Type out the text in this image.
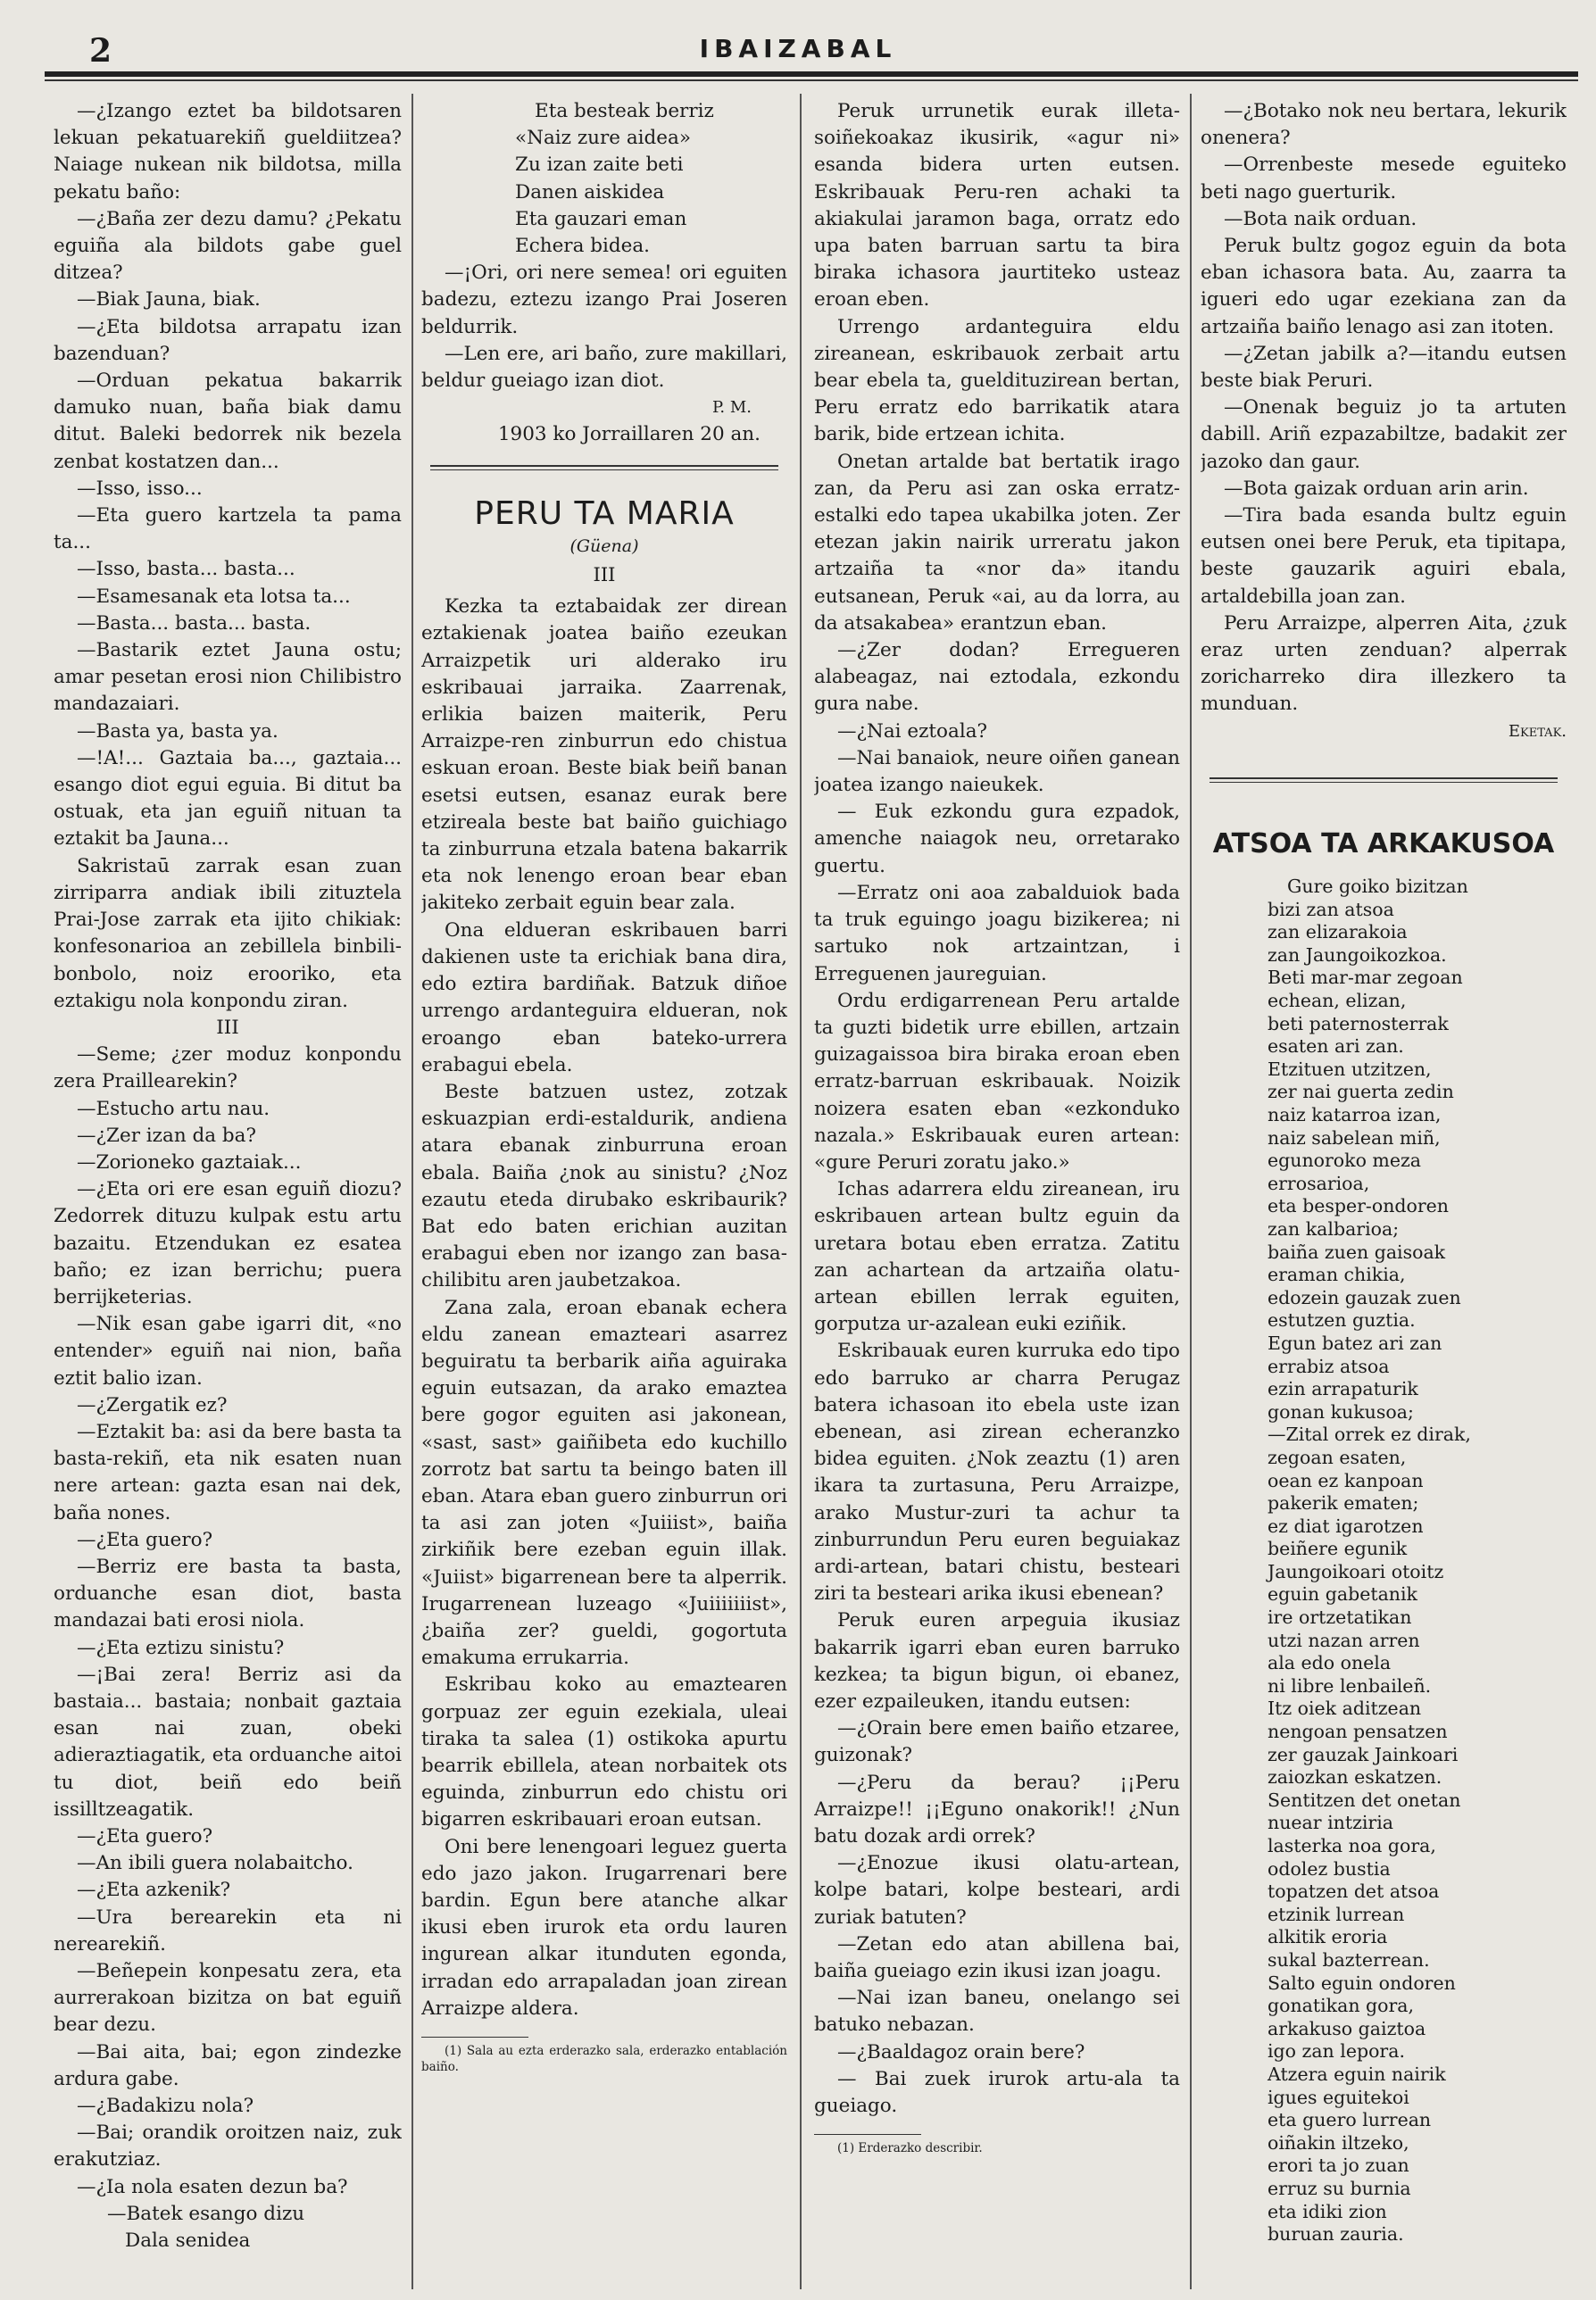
2	IBAIZABAL

—¿Izango eztet ba bildotsaren lekuan pekatuarekiñ gueldiitzea? Naiage nukean nik bildotsa, milla pekatu baño:

—¿Baña zer dezu damu? ¿Pekatu eguiña ala bildots gabe guel ditzea?

—Biak Jauna, biak.

—¿Eta bildotsa arrapatu izan bazenduan?

—Orduan pekatua bakarrik damuko nuan, baña biak damu ditut. Baleki bedorrek nik bezela zenbat kostatzen dan...

—Isso, isso...

—Eta guero kartzela ta pama ta...

—Isso, basta... basta...

—Esamesanak eta lotsa ta...

—Basta... basta... basta.

—Bastarik eztet Jauna ostu; amar pesetan erosi nion Chilibistro mandazaiari.

—Basta ya, basta ya.

—!A!... Gaztaia ba..., gaztaia... esango diot egui eguia. Bi ditut ba ostuak, eta jan eguiñ nituan ta eztakit ba Jauna...

Sakristaū zarrak esan zuan zirriparra andiak ibili zituztela Prai-Jose zarrak eta ijito chikiak: konfesonarioa an zebillela binbili-bonbolo, noiz erooriko, eta eztakigu nola konpondu ziran.

III

—Seme; ¿zer moduz konpondu zera Praillearekin?

—Estucho artu nau.

—¿Zer izan da ba?

—Zorioneko gaztaiak...

—¿Eta ori ere esan eguiñ diozu? Zedorrek dituzu kulpak estu artu bazaitu. Etzendukan ez esatea baño; ez izan berrichu; puera berrijketerias.

—Nik esan gabe igarri dit, «no entender» eguiñ nai nion, baña eztit balio izan.

—¿Zergatik ez?

—Eztakit ba: asi da bere basta ta basta-rekiñ, eta nik esaten nuan nere artean: gazta esan nai dek, baña nones.

—¿Eta guero?

—Berriz ere basta ta basta, orduanche esan diot, basta mandazai bati erosi niola.

—¿Eta eztizu sinistu?

—¡Bai zera! Berriz asi da bastaia... bastaia; nonbait gaztaia esan nai zuan, obeki adieraztiagatik, eta orduanche aitoi tu diot, beiñ edo beiñ issilltzeagatik.

—¿Eta guero?

—An ibili guera nolabaitcho.

—¿Eta azkenik?

—Ura berearekin eta ni nerearekiñ.

—Beñepein konpesatu zera, eta aurrerakoan bizitza on bat eguiñ bear dezu.

—Bai aita, bai; egon zindezke ardura gabe.

—¿Badakizu nola?

—Bai; orandik oroitzen naiz, zuk erakutziaz.

—¿Ia nola esaten dezun ba?

—Batek esango dizu

Dala senidea

Eta besteak berriz
«Naiz zure aidea»
Zu izan zaite beti
Danen aiskidea
Eta gauzari eman
Echera bidea.

—¡Ori, ori nere semea! ori eguiten badezu, eztezu izango Prai Joseren beldurrik.

—Len ere, ari baño, zure makillari, beldur gueiago izan diot.

P. M.
1903 ko Jorraillaren 20 an.
PERU TA MARIA
(Güena)
III

Kezka ta eztabaidak zer direan eztakienak joatea baiño ezeukan Arraizpetik uri alderako iru eskribauai jarraika. Zaarrenak, erlikia baizen maiterik, Peru Arraizpe-ren zinburrun edo chistua eskuan eroan. Beste biak beiñ banan esetsi eutsen, esanaz eurak bere etzireala beste bat baiño guichiago ta zinburruna etzala batena bakarrik eta nok lenengo eroan bear eban jakiteko zerbait eguin bear zala.

Ona eldueran eskribauen barri dakienen uste ta erichiak bana dira, edo eztira bardiñak. Batzuk diñoe urrengo ardanteguira eldueran, nok eroango eban bateko-urrera erabagui ebela.

Beste batzuen ustez, zotzak eskuazpian erdi-estaldurik, andiena atara ebanak zinburruna eroan ebala. Baiña ¿nok au sinistu? ¿Noz ezautu eteda dirubako eskribaurik? Bat edo baten erichian auzitan erabagui eben nor izango zan basa-chilibitu aren jaubetzakoa.

Zana zala, eroan ebanak echera eldu zanean emazteari asarrez beguiratu ta berbarik aiña aguiraka eguin eutsazan, da arako emaztea bere gogor eguiten asi jakonean, «sast, sast» gaiñibeta edo kuchillo zorrotz bat sartu ta beingo baten ill eban. Atara eban guero zinburrun ori ta asi zan joten «Juiiist», baiña zirkiñik bere ezeban eguin illak. «Juiist» bigarrenean bere ta alperrik. Irugarrenean luzeago «Juiiiiiiist», ¿baiña zer? gueldi, gogortuta emakuma errukarria.

Eskribau koko au emaztearen gorpuaz zer eguin ezekiala, uleai tiraka ta salea (1) ostikoka apurtu bearrik ebillela, atean norbaitek ots eguinda, zinburrun edo chistu ori bigarren eskribauari eroan eutsan.

Oni bere lenengoari leguez guerta edo jazo jakon. Irugarrenari bere bardin. Egun bere atanche alkar ikusi eben irurok eta ordu lauren ingurean alkar itunduten egonda, irradan edo arrapaladan joan zirean Arraizpe aldera.

(1) Sala au ezta erderazko sala, erderazko entablación baiño.

Peruk urrunetik eurak illeta-soiñekoakaz ikusirik, «agur ni» esanda bidera urten eutsen. Eskribauak Peru-ren achaki ta akiakulai jaramon baga, orratz edo upa baten barruan sartu ta bira biraka ichasora jaurtiteko usteaz eroan eben.

Urrengo ardanteguira eldu zireanean, eskribauok zerbait artu bear ebela ta, gueldituzirean bertan, Peru erratz edo barrikatik atara barik, bide ertzean ichita.

Onetan artalde bat bertatik irago zan, da Peru asi zan oska erratz-estalki edo tapea ukabilka joten. Zer etezan jakin nairik urreratu jakon artzaiña ta «nor da» itandu eutsanean, Peruk «ai, au da lorra, au da atsakabea» erantzun eban.

—¿Zer dodan? Erregueren alabeagaz, nai eztodala, ezkondu gura nabe.

—¿Nai eztoala?

—Nai banaiok, neure oiñen ganean joatea izango naieukek.

— Euk ezkondu gura ezpadok, amenche naiagok neu, orretarako guertu.

—Erratz oni aoa zabalduiok bada ta truk eguingo joagu bizikerea; ni sartuko nok artzaintzan, i Erreguenen jaureguian.

Ordu erdigarrenean Peru artalde ta guzti bidetik urre ebillen, artzain guizagaissoa bira biraka eroan eben erratz-barruan eskribauak. Noizik noizera esaten eban «ezkonduko nazala.» Eskribauak euren artean: «gure Peruri zoratu jako.»

Ichas adarrera eldu zireanean, iru eskribauen artean bultz eguin da uretara botau eben erratza. Zatitu zan achartean da artzaiña olatu-artean ebillen lerrak eguiten, gorputza ur-azalean euki eziñik.

Eskribauak euren kurruka edo tipo edo barruko ar charra Perugaz batera ichasoan ito ebela uste izan ebenean, asi zirean echeranzko bidea eguiten. ¿Nok zeaztu (1) aren ikara ta zurtasuna, Peru Arraizpe, arako Mustur-zuri ta achur ta zinburrundun Peru euren beguiakaz ardi-artean, batari chistu, besteari ziri ta besteari arika ikusi ebenean?

Peruk euren arpeguia ikusiaz bakarrik igarri eban euren barruko kezkea; ta bigun bigun, oi ebanez, ezer ezpaileuken, itandu eutsen:

—¿Orain bere emen baiño etzaree, guizonak?

—¿Peru da berau? ¡¡Peru Arraizpe!! ¡¡Eguno onakorik!! ¿Nun batu dozak ardi orrek?

—¿Enozue ikusi olatu-artean, kolpe batari, kolpe besteari, ardi zuriak batuten?

—Zetan edo atan abillena bai, baiña gueiago ezin ikusi izan joagu.

—Nai izan baneu, onelango sei batuko nebazan.

—¿Baaldagoz orain bere?

— Bai zuek irurok artu-ala ta gueiago.

(1) Erderazko describir.

—¿Botako nok neu bertara, lekurik onenera?

—Orrenbeste mesede eguiteko beti nago guerturik.

—Bota naik orduan.

Peruk bultz gogoz eguin da bota eban ichasora bata. Au, zaarra ta igueri edo ugar ezekiana zan da artzaiña baiño lenago asi zan itoten.

—¿Zetan jabilk a?—itandu eutsen beste biak Peruri.

—Onenak beguiz jo ta artuten dabill. Ariñ ezpazabiltze, badakit zer jazoko dan gaur.

—Bota gaizak orduan arin arin.

—Tira bada esanda bultz eguin eutsen onei bere Peruk, eta tipitapa, beste gauzarik aguiri ebala, artaldebilla joan zan.

Peru Arraizpe, alperren Aita, ¿zuk eraz urten zenduan? alperrak zoricharreko dira illezkero ta munduan.

Eketak.
ATSOA TA ARKAKUSOA
Gure goiko bizitzan
bizi zan atsoa
zan elizarakoia
zan Jaungoikozkoa.
Beti mar-mar zegoan
echean, elizan,
beti paternosterrak
esaten ari zan.
Etzituen utzitzen,
zer nai guerta zedin
naiz katarroa izan,
naiz sabelean miñ,
egunoroko meza
errosarioa,
eta besper-ondoren
zan kalbarioa;
baiña zuen gaisoak
eraman chikia,
edozein gauzak zuen
estutzen guztia.
Egun batez ari zan
errabiz atsoa
ezin arrapaturik
gonan kukusoa;
—Zital orrek ez dirak,
zegoan esaten,
oean ez kanpoan
pakerik ematen;
ez diat igarotzen
beiñere egunik
Jaungoikoari otoitz
eguin gabetanik
ire ortzetatikan
utzi nazan arren
ala edo onela
ni libre lenbaileñ.
Itz oiek aditzean
nengoan pensatzen
zer gauzak Jainkoari
zaiozkan eskatzen.
Sentitzen det onetan
nuear intziria
lasterka noa gora,
odolez bustia
topatzen det atsoa
etzinik lurrean
alkitik eroria
sukal bazterrean.
Salto eguin ondoren
gonatikan gora,
arkakuso gaiztoa
igo zan lepora.
Atzera eguin nairik
igues eguitekoi
eta guero lurrean
oiñakin iltzeko,
erori ta jo zuan
erruz su burnia
eta idiki zion
buruan zauria.
